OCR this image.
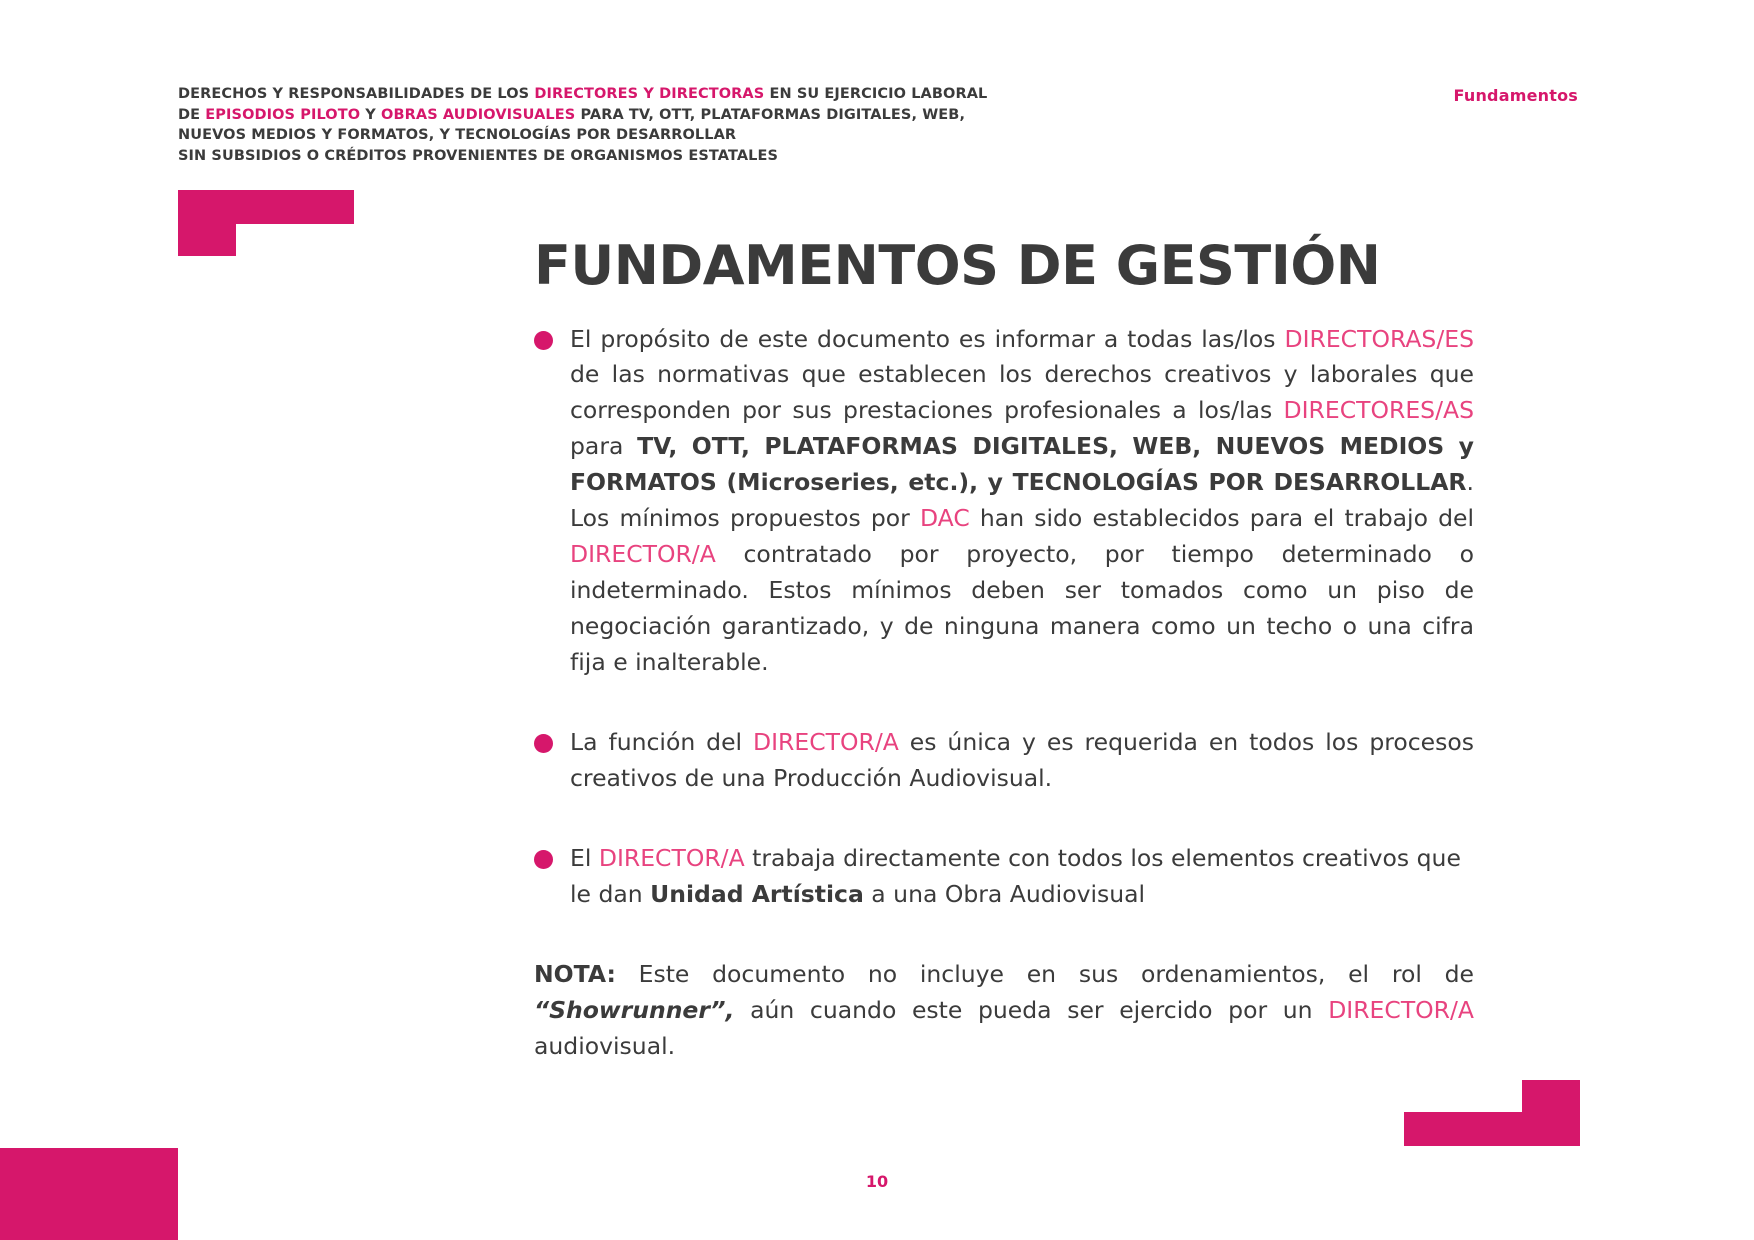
DERECHOS Y RESPONSABILIDADES DE LOS DIRECTORES Y DIRECTORAS EN SU EJERCICIO LABORAL
DE EPISODIOS PILOTO Y OBRAS AUDIOVISUALES PARA TV, OTT, PLATAFORMAS DIGITALES, WEB,
NUEVOS MEDIOS Y FORMATOS, Y TECNOLOGÍAS POR DESARROLLAR
SIN SUBSIDIOS O CRÉDITOS PROVENIENTES DE ORGANISMOS ESTATALES
Fundamentos
FUNDAMENTOS DE GESTIÓN

El propósito de este documento es informar a todas las/los DIRECTORAS/ES de las normativas que establecen los derechos creativos y laborales que corresponden por sus prestaciones profesionales a los/las DIRECTORES/AS para TV, OTT, PLATAFORMAS DIGITALES, WEB, NUEVOS MEDIOS y FORMATOS (Microseries, etc.), y TECNOLOGÍAS POR DESARROLLAR. Los mínimos propuestos por DAC han sido establecidos para el trabajo del DIRECTOR/A contratado por proyecto, por tiempo determinado o indeterminado. Estos mínimos deben ser tomados como un piso de negociación garantizado, y de ninguna manera como un techo o una cifra fija e inalterable.

La función del DIRECTOR/A es única y es requerida en todos los procesos creativos de una Producción Audiovisual.

El DIRECTOR/A trabaja directamente con todos los elementos creativos que le dan Unidad Artística a una Obra Audiovisual

NOTA: Este documento no incluye en sus ordenamientos, el rol de “Showrunner”, aún cuando este pueda ser ejercido por un DIRECTOR/A audiovisual.

10
